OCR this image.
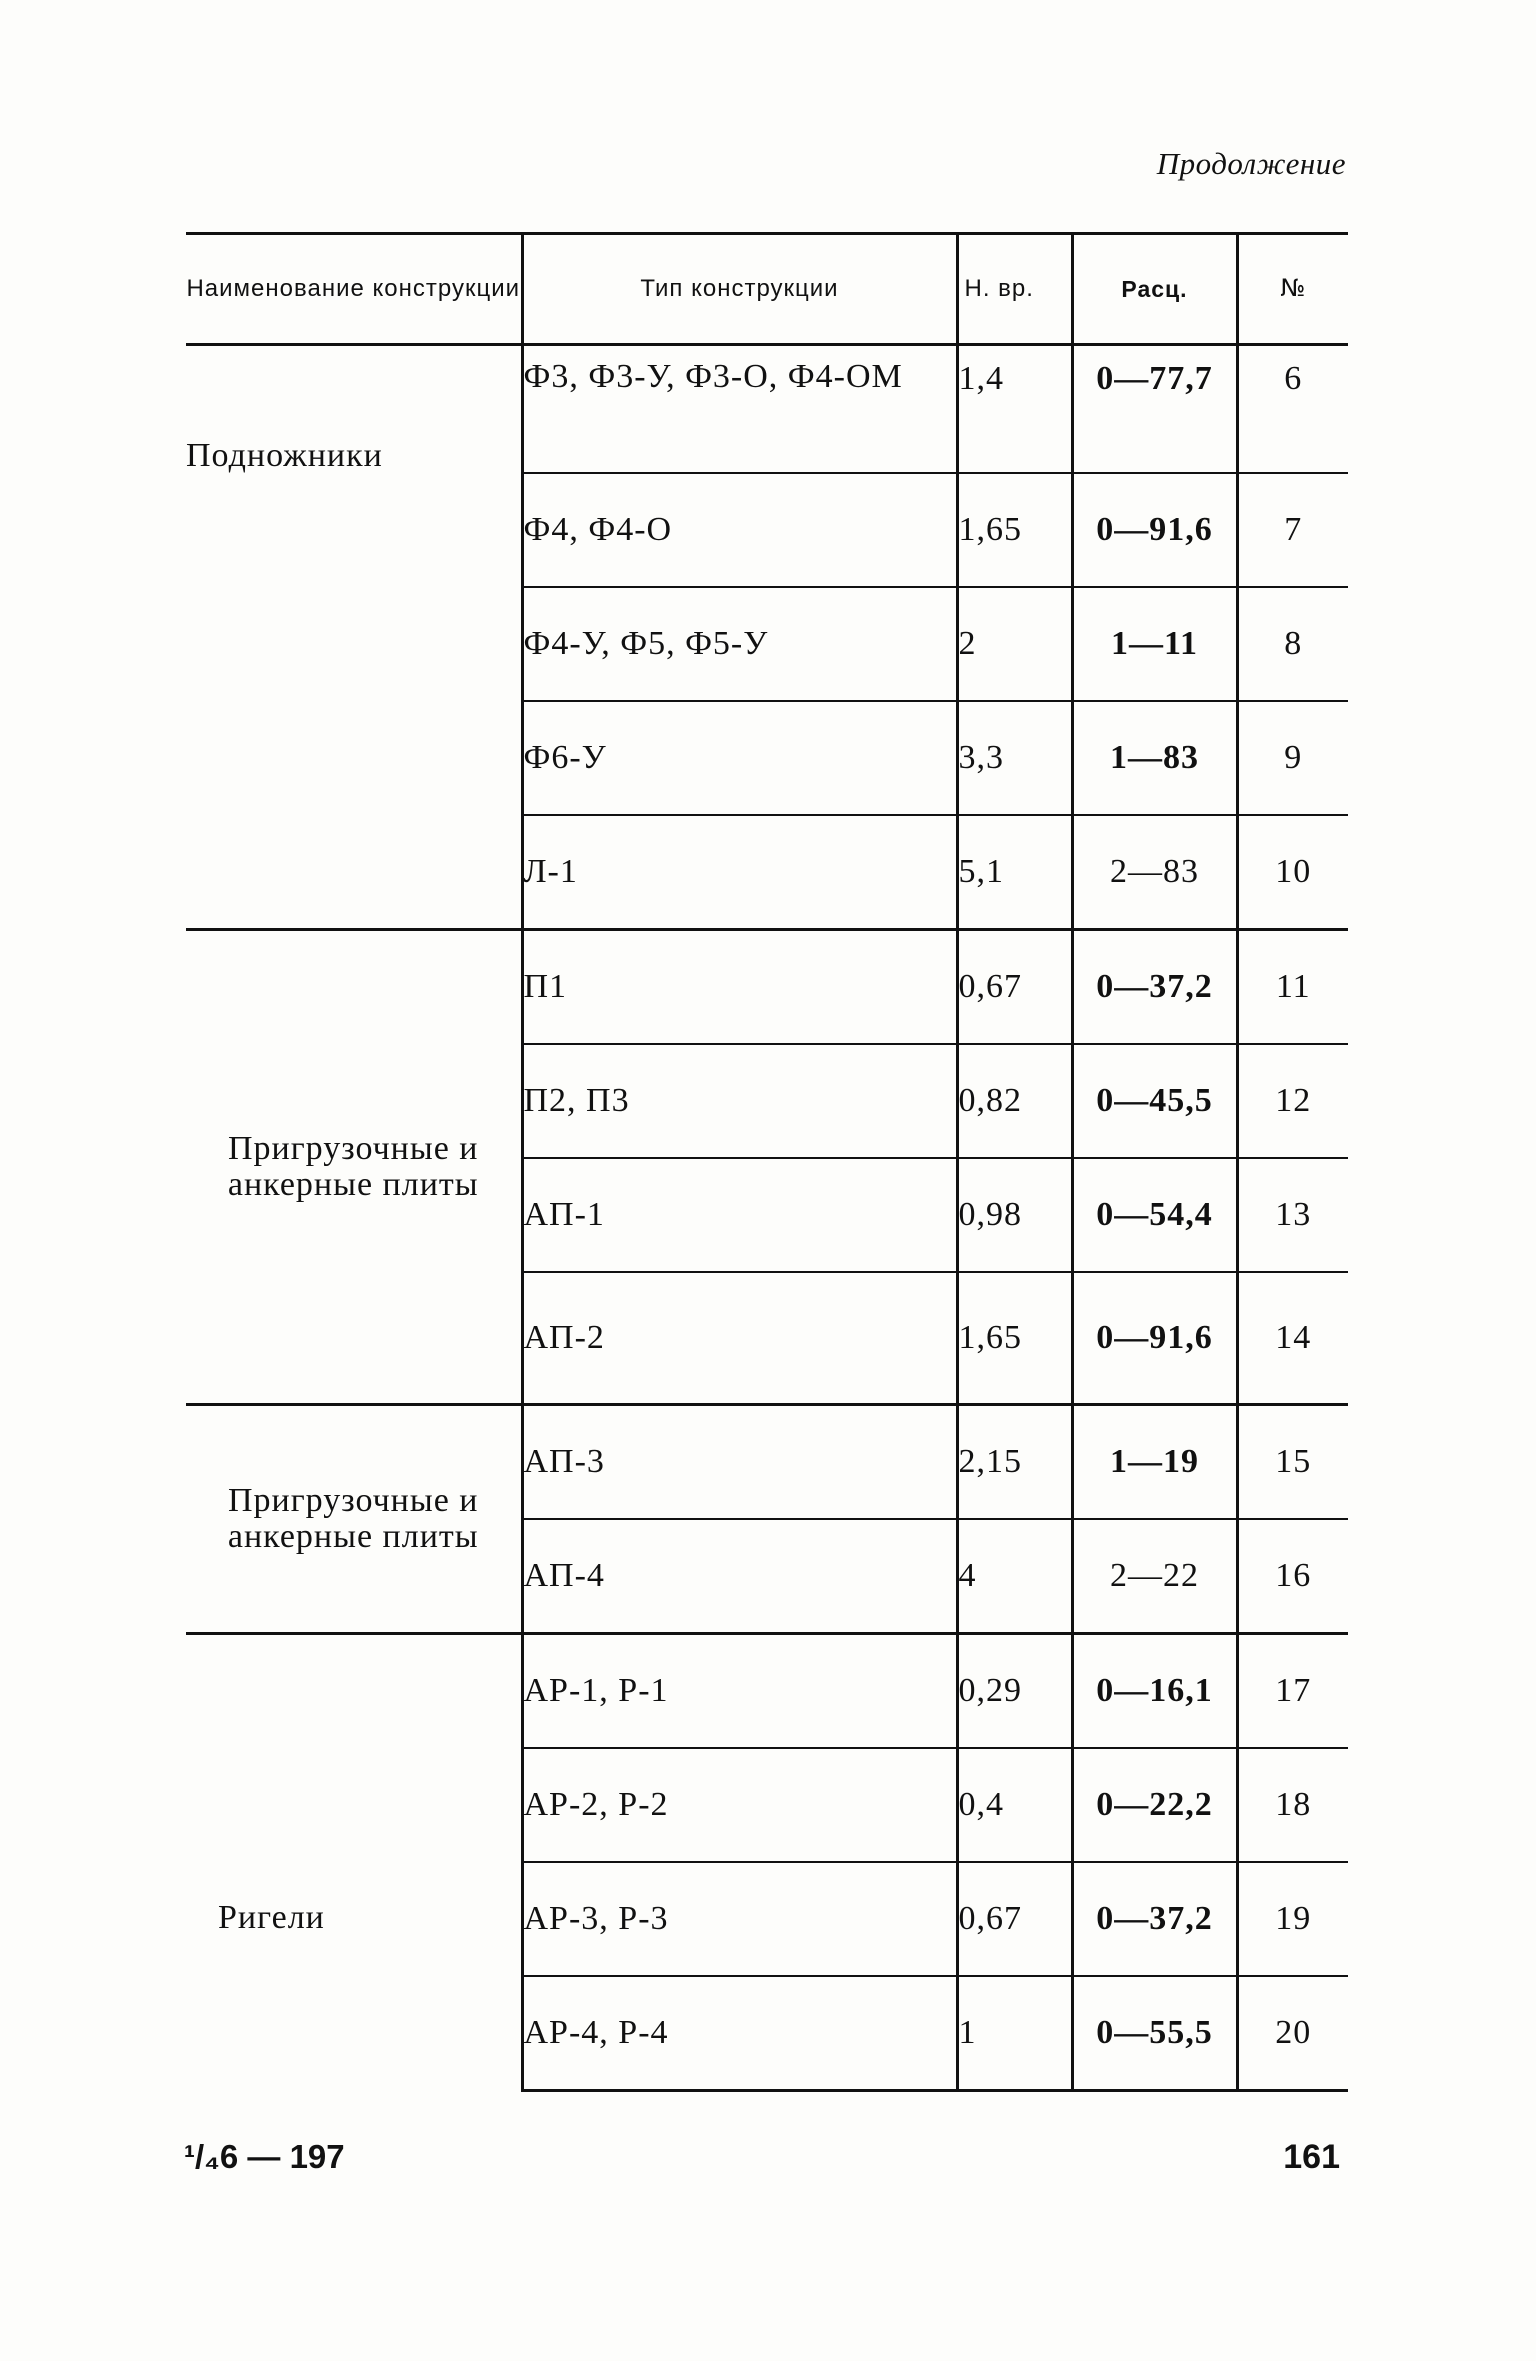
Продолжение
Наименование конструкции	Тип конструкции	Н. вр.	Расц.	№
Подножники	Ф3, Ф3-У, Ф3-О, Ф4-ОМ	1,4	0—77,7	6
	Ф4, Ф4-О	1,65	0—91,6	7
	Ф4-У, Ф5, Ф5-У	2	1—11	8
	Ф6-У	3,3	1—83	9
	Л-1	5,1	2—83	10
Пригрузочные и анкерные плиты	П1	0,67	0—37,2	11
	П2, П3	0,82	0—45,5	12
	АП-1	0,98	0—54,4	13
	АП-2	1,65	0—91,6	14
Пригрузочные и анкерные плиты	АП-3	2,15	1—19	15
	АП-4	4	2—22	16
Ригели	АР-1, Р-1	0,29	0—16,1	17
	АР-2, Р-2	0,4	0—22,2	18
	АР-3, Р-3	0,67	0—37,2	19
	АР-4, Р-4	1	0—55,5	20
¹/₄6 — 197	161
